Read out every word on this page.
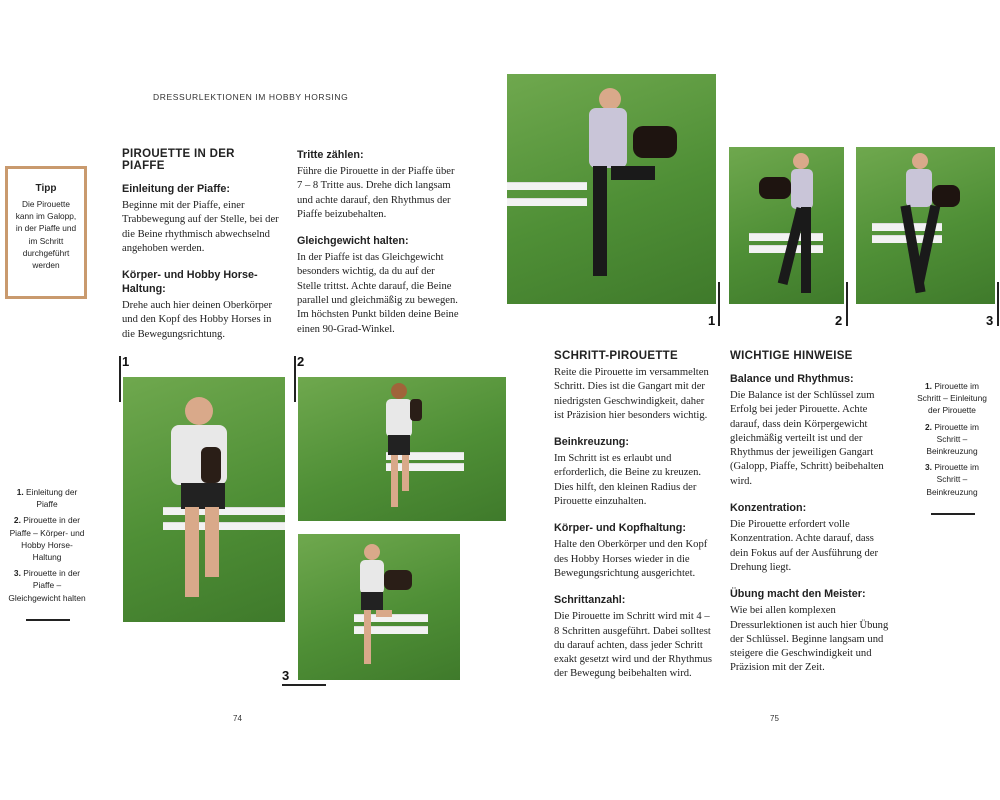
DRESSURLEKTIONEN IM HOBBY HORSING
Tipp
Die Pirouette kann im Galopp, in der Piaffe und im Schritt durchgeführt werden
PIROUETTE IN DER PIAFFE
Einleitung der Piaffe:

Beginne mit der Piaffe, einer Trabbewegung auf der Stelle, bei der die Beine rhythmisch abwechselnd angehoben werden.

Körper- und Hobby Horse-Haltung:

Drehe auch hier deinen Oberkörper und den Kopf des Hobby Horses in die Bewegungsrichtung.

Tritte zählen:

Führe die Pirouette in der Piaffe über 7 – 8 Tritte aus. Drehe dich langsam und achte darauf, den Rhythmus der Piaffe beizubehalten.

Gleichgewicht halten:

In der Piaffe ist das Gleichgewicht besonders wichtig, da du auf der Stelle trittst. Achte darauf, die Beine parallel und gleichmäßig zu bewegen. Im höchsten Punkt bilden deine Beine einen 90-Grad-Winkel.

1	2
3
1. Einleitung der Piaffe
2. Pirouette in der Piaffe – Körper- und Hobby Horse-Haltung
3. Pirouette in der Piaffe – Gleichgewicht halten
1	2	3
SCHRITT-PIROUETTE

Reite die Pirouette im versammelten Schritt. Dies ist die Gangart mit der niedrigsten Geschwindigkeit, daher ist Präzision hier besonders wichtig.

Beinkreuzung:

Im Schritt ist es erlaubt und erforderlich, die Beine zu kreuzen. Dies hilft, den kleinen Radius der Pirouette einzuhalten.

Körper- und Kopfhaltung:

Halte den Oberkörper und den Kopf des Hobby Horses wieder in die Bewegungsrichtung ausgerichtet.

Schrittanzahl:

Die Pirouette im Schritt wird mit 4 – 8 Schritten ausgeführt. Dabei solltest du darauf achten, dass jeder Schritt exakt gesetzt wird und der Rhythmus der Bewegung beibehalten wird.

WICHTIGE HINWEISE
Balance und Rhythmus:

Die Balance ist der Schlüssel zum Erfolg bei jeder Pirouette. Achte darauf, dass dein Körpergewicht gleichmäßig verteilt ist und der Rhythmus der jeweiligen Gangart (Galopp, Piaffe, Schritt) beibehalten wird.

Konzentration:

Die Pirouette erfordert volle Konzentration. Achte darauf, dass dein Fokus auf der Ausführung der Drehung liegt.

Übung macht den Meister:

Wie bei allen komplexen Dressurlektionen ist auch hier Übung der Schlüssel. Beginne langsam und steigere die Geschwindigkeit und Präzision mit der Zeit.

1. Pirouette im Schritt – Einleitung der Pirouette
2. Pirouette im Schritt – Beinkreuzung
3. Pirouette im Schritt – Beinkreuzung
74	75
